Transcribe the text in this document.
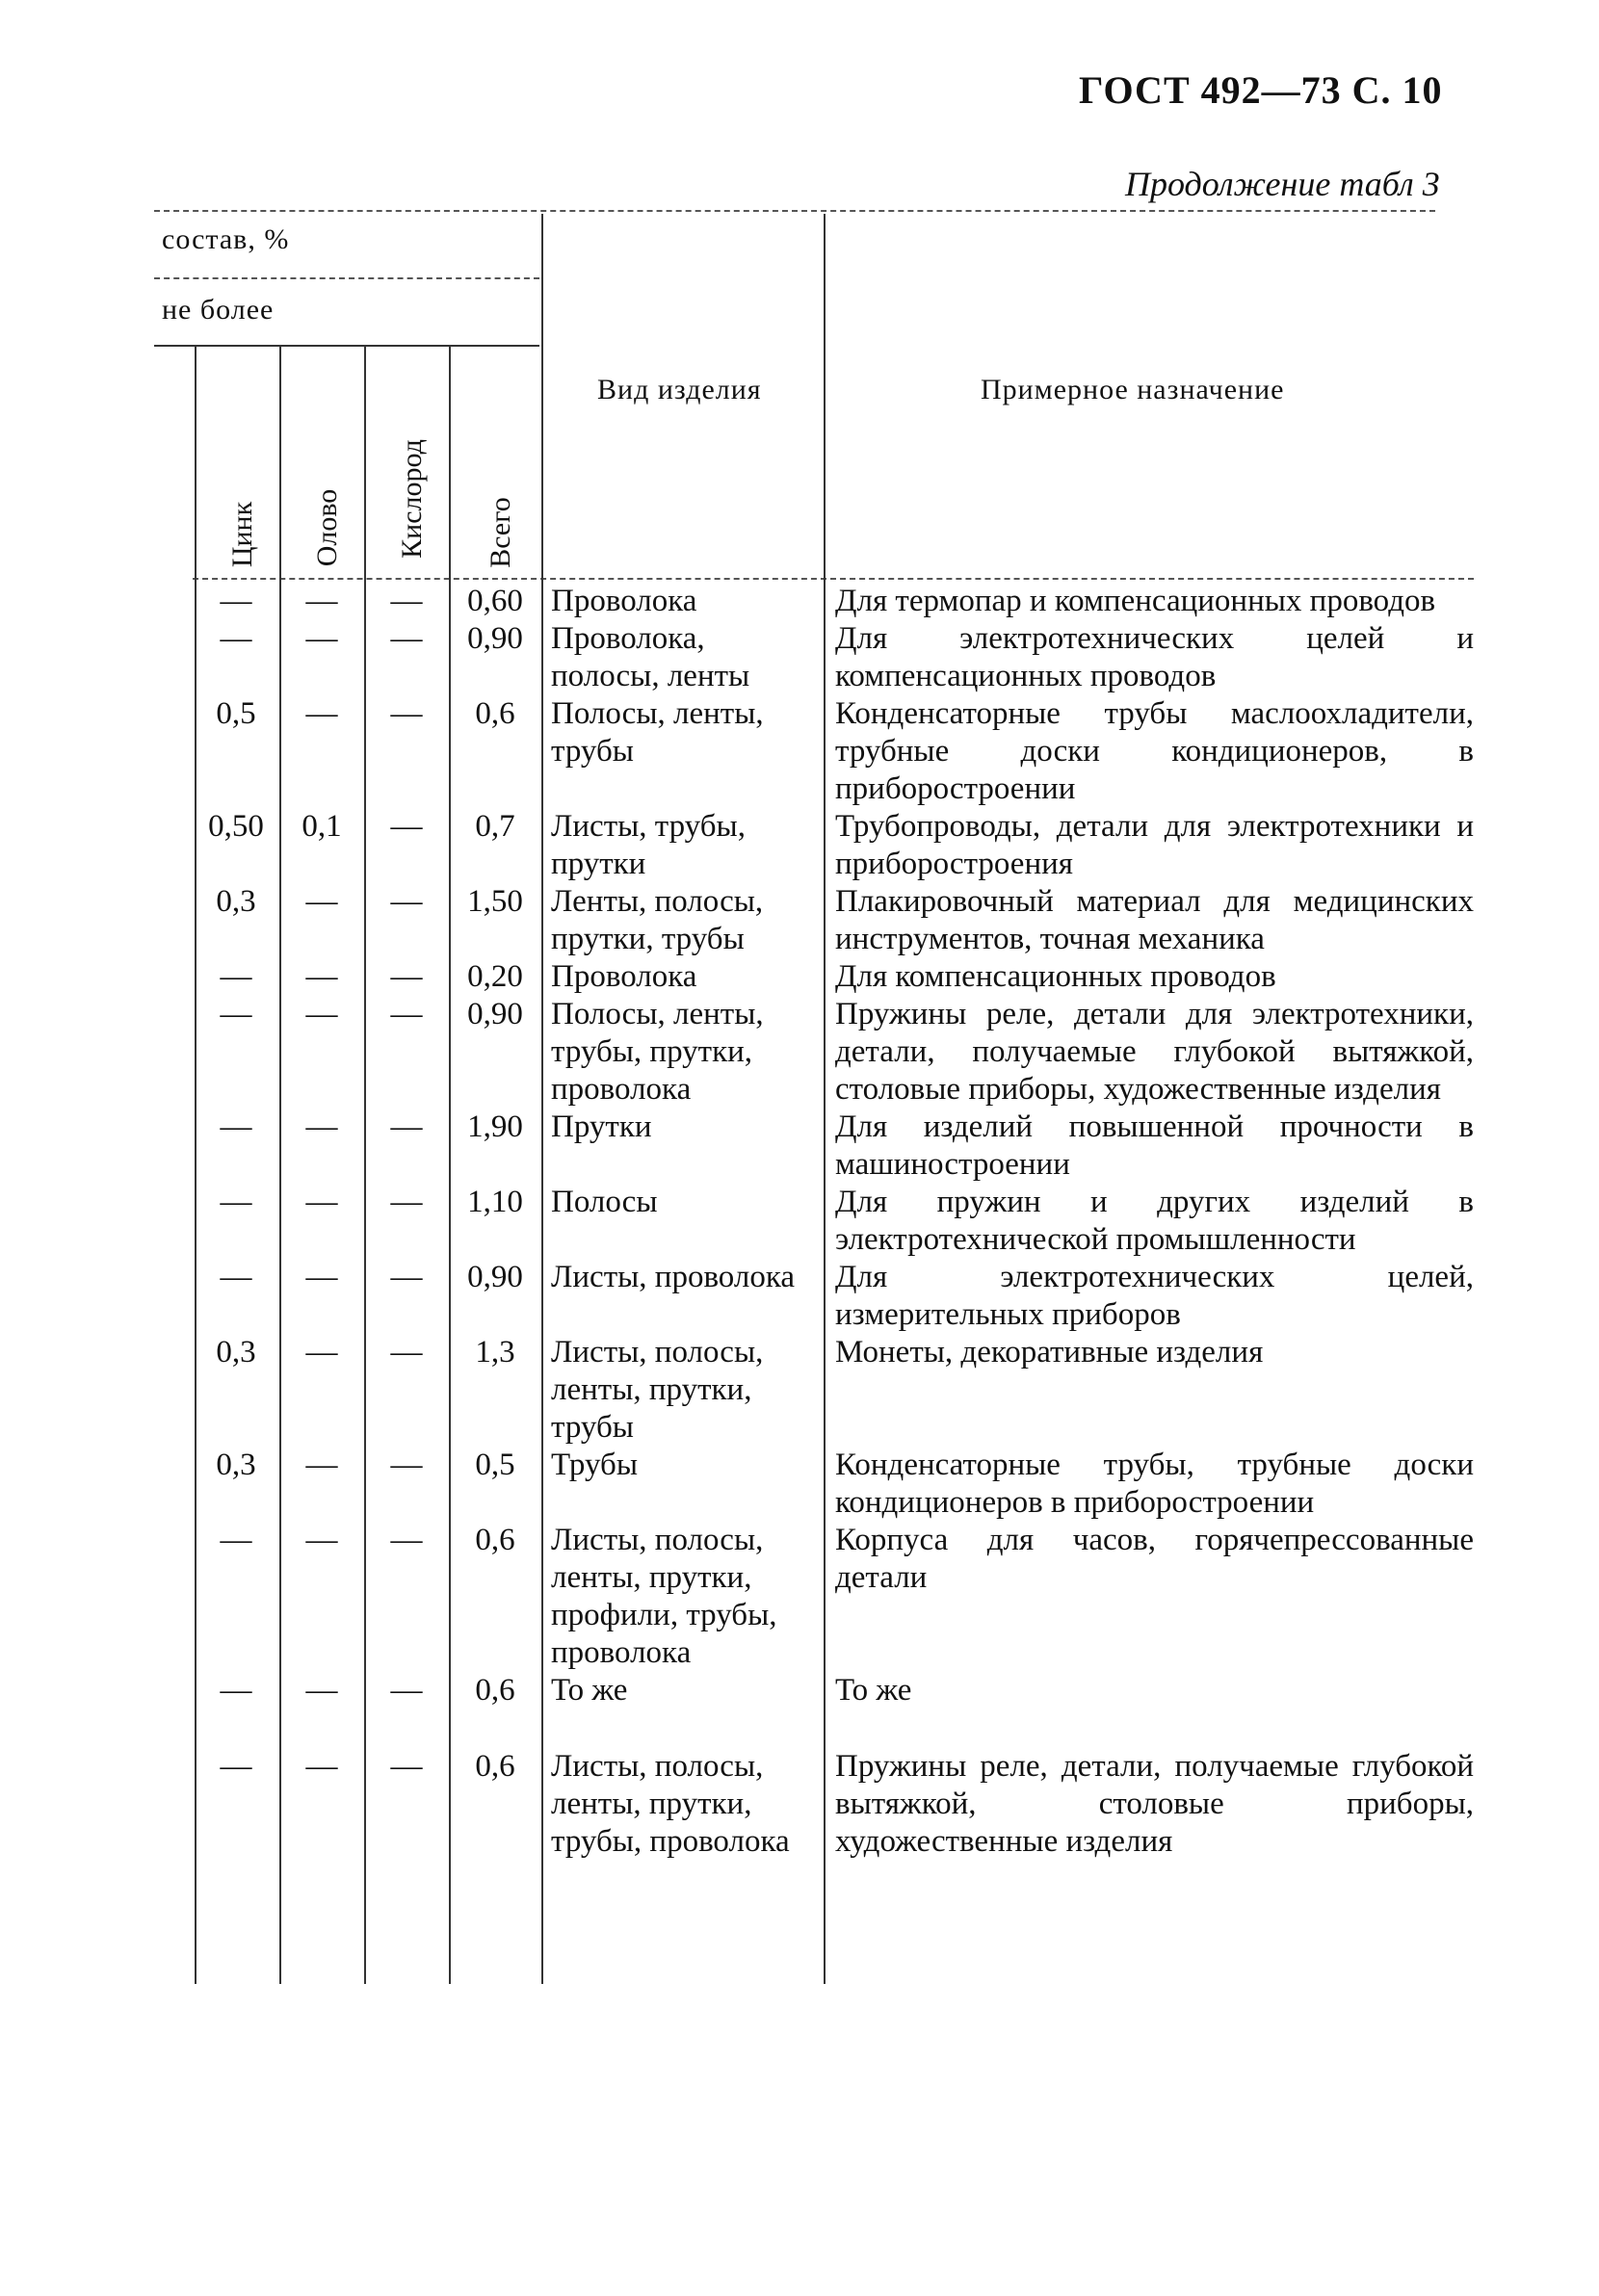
ГОСТ 492—73 С. 10
Продолжение табл 3
состав, %
не более
Вид изделия	Примерное назначение
Цинк Олово Кислород Всего
—	—	—	0,60	Проволока	Для термопар и компенсационных проводов
—	—	—	0,90	Проволока, полосы, ленты	Для электротехнических целей и компенсационных проводов
0,5	—	—	0,6	Полосы, ленты, трубы	Конденсаторные трубы маслоохладители, трубные доски кондиционеров, в приборостроении
0,50	0,1	—	0,7	Листы, трубы, прутки	Трубопроводы, детали для электротехники и приборостроения
0,3	—	—	1,50	Ленты, полосы, прутки, трубы	Плакировочный материал для медицинских инструментов, точная механика
—	—	—	0,20	Проволока	Для компенсационных проводов
—	—	—	0,90	Полосы, ленты, трубы, прутки, проволока	Пружины реле, детали для электротехники, детали, получаемые глубокой вытяжкой, столовые приборы, художественные изделия
—	—	—	1,90	Прутки	Для изделий повышенной прочности в машиностроении
—	—	—	1,10	Полосы	Для пружин и других изделий в электротехнической промышленности
—	—	—	0,90	Листы, проволока	Для электротехнических целей, измерительных приборов
0,3	—	—	1,3	Листы, полосы, ленты, прутки, трубы	Монеты, декоративные изделия
0,3	—	—	0,5	Трубы	Конденсаторные трубы, трубные доски кондиционеров в приборостроении
—	—	—	0,6	Листы, полосы, ленты, прутки, профили, трубы, проволока	Корпуса для часов, горячепрессованные детали
—	—	—	0,6	То же	То же

—	—	—	0,6	Листы, полосы, ленты, прутки, трубы, проволока	Пружины реле, детали, получаемые глубокой вытяжкой, столовые приборы, художественные изделия
